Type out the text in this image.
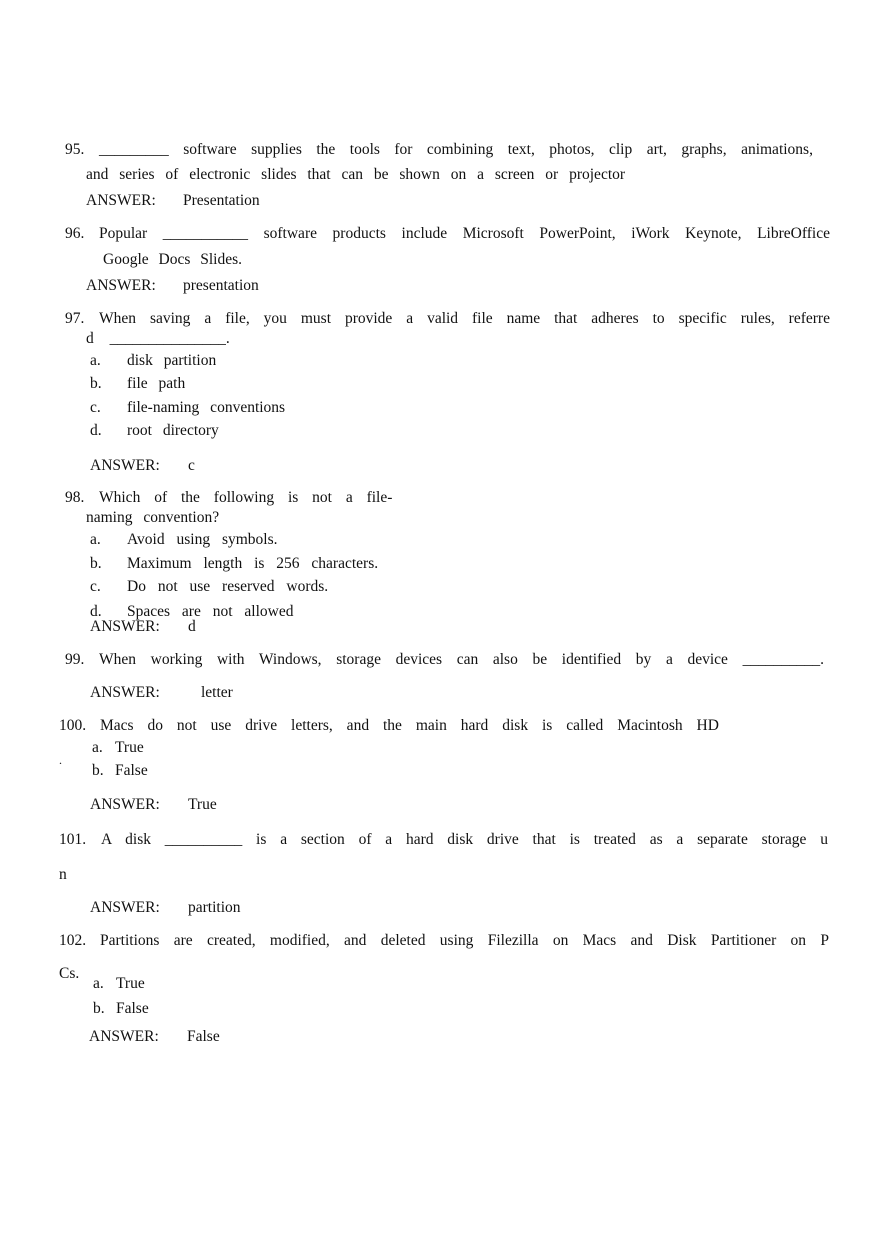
95. _________ software supplies the tools for combining text, photos, clip art, graphs, animations,
and series of electronic slides that can be shown on a screen or projector
ANSWER: Presentation
96. Popular ___________ software products include Microsoft PowerPoint, iWork Keynote, LibreOffice
Google Docs Slides.
ANSWER: presentation
97. When saving a file, you must provide a valid file name that adheres to specific rules, referre
d _______________.
a. disk partition
b. file path
c. file-naming conventions
d. root directory
ANSWER: c
98. Which of the following is not a file-
naming convention?
a. Avoid using symbols.
b. Maximum length is 256 characters.
c. Do not use reserved words.
d. Spaces are not allowed
ANSWER: d
99. When working with Windows, storage devices can also be identified by a device __________.
ANSWER:	letter
100. Macs do not use drive letters, and the main hard disk is called Macintosh HD
.
a. True
b. False
ANSWER: True
101. A disk __________ is a section of a hard disk drive that is treated as a separate storage u
n
ANSWER: partition
102. Partitions are created, modified, and deleted using Filezilla on Macs and Disk Partitioner on P
Cs.
a. True
b. False
ANSWER: False
